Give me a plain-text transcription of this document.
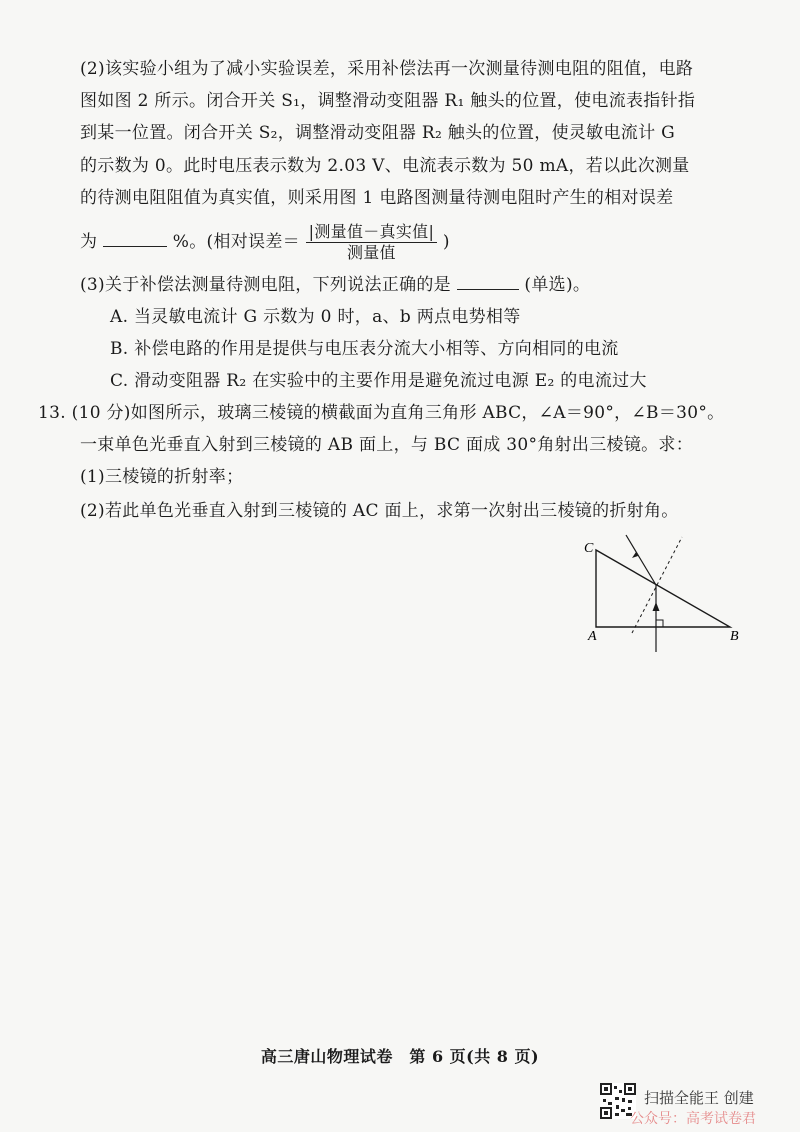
(2)该实验小组为了减小实验误差，采用补偿法再一次测量待测电阻的阻值，电路
图如图 2 所示。闭合开关 S₁，调整滑动变阻器 R₁ 触头的位置，使电流表指针指
到某一位置。闭合开关 S₂，调整滑动变阻器 R₂ 触头的位置，使灵敏电流计 G
的示数为 0。此时电压表示数为 2.03 V、电流表示数为 50 mA，若以此次测量
的待测电阻阻值为真实值，则采用图 1 电路图测量待测电阻时产生的相对误差
为	%。(相对误差＝ $\frac{\text{|测量值－真实值|}}{\text{测量值}}$ )
(3)关于补偿法测量待测电阻，下列说法正确的是	(单选)。
A. 当灵敏电流计 G 示数为 0 时，a、b 两点电势相等
B. 补偿电路的作用是提供与电压表分流大小相等、方向相同的电流
C. 滑动变阻器 R₂ 在实验中的主要作用是避免流过电源 E₂ 的电流过大
13. (10 分)如图所示，玻璃三棱镜的横截面为直角三角形 ABC，∠A＝90°，∠B＝30°。
一束单色光垂直入射到三棱镜的 AB 面上，与 BC 面成 30°角射出三棱镜。求：
(1)三棱镜的折射率；
(2)若此单色光垂直入射到三棱镜的 AC 面上，求第一次射出三棱镜的折射角。
C
A	B
高三唐山物理试卷　第 6 页(共 8 页)
扫描全能王 创建
公众号：高考试卷君
